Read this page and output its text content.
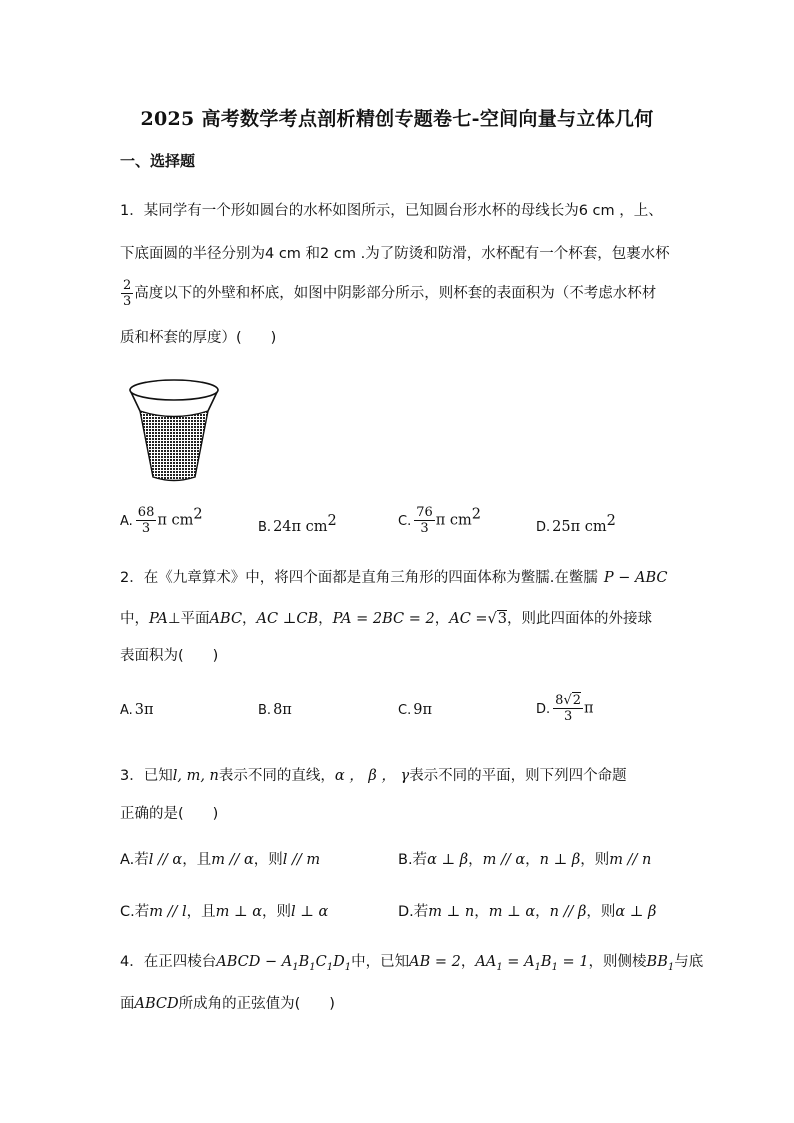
2025 高考数学考点剖析精创专题卷七-空间向量与立体几何
一、选择题
1．某同学有一个形如圆台的水杯如图所示，已知圆台形水杯的母线长为6 cm ，上、
下底面圆的半径分别为4 cm 和2 cm .为了防烫和防滑，水杯配有一个杯套，包裹水杯
$\frac{2}{3}$ 高度以下的外壁和杯底，如图中阴影部分所示，则杯套的表面积为（不考虑水杯材
质和杯套的厚度）(　　)
A. $\frac{68}{3}$ π $cm^2$
B. 24π $cm^2$	C. $\frac{76}{3}$ π $cm^2$
D. 25π $cm^2$
2．在《九章算术》中，将四个面都是直角三角形的四面体称为鳖臑.在鳖臑 P − ABC
中，PA⊥平面ABC，AC ⊥CB，PA = 2BC = 2，AC =√3，则此四面体的外接球
表面积为(　　)
A. 3π	B. 8π	C. 9π	D. $\frac{8√2}{3}$ π
3．已知l, m, n表示不同的直线，α ， β ， γ表示不同的平面，则下列四个命题
正确的是(　　)
A.若l // α，且m // α，则l // m	B.若α ⊥ β，m // α，n ⊥ β，则m // n
C.若m // l，且m ⊥ α，则l ⊥ α	D.若m ⊥ n，m ⊥ α，n // β，则α ⊥ β
4．在正四棱台ABCD − $A_1B_1C_1D_1$中，已知AB = 2，$AA_1 = A_1B_1 = 1$，则侧棱$BB_1$与底
面ABCD所成角的正弦值为(　　)
